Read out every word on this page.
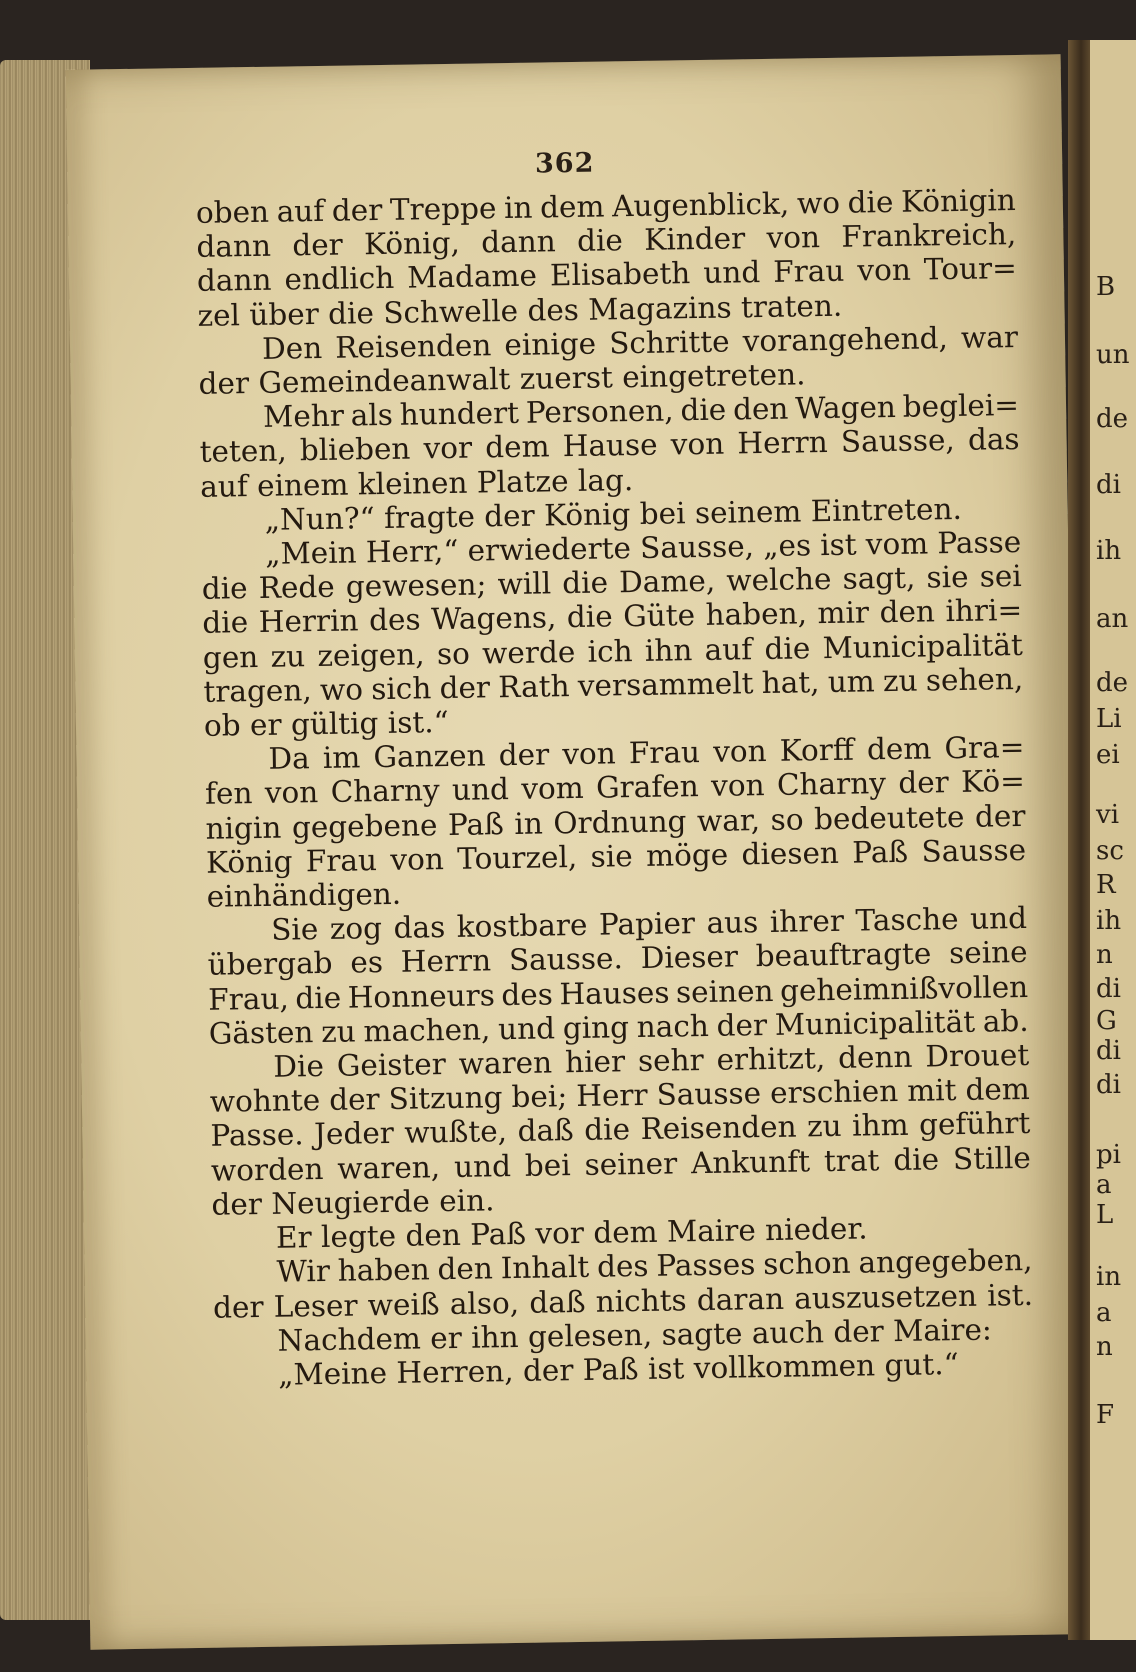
362
oben auf der Treppe in dem Augenblick, wo die Königin
dann der König, dann die Kinder von Frankreich,
dann endlich Madame Elisabeth und Frau von Tour=
zel über die Schwelle des Magazins traten.
Den Reisenden einige Schritte vorangehend, war
der Gemeindeanwalt zuerst eingetreten.
Mehr als hundert Personen, die den Wagen beglei=
teten, blieben vor dem Hause von Herrn Sausse, das
auf einem kleinen Platze lag.
„Nun?“ fragte der König bei seinem Eintreten.
„Mein Herr,“ erwiederte Sausse, „es ist vom Passe
die Rede gewesen; will die Dame, welche sagt, sie sei
die Herrin des Wagens, die Güte haben, mir den ihri=
gen zu zeigen, so werde ich ihn auf die Municipalität
tragen, wo sich der Rath versammelt hat, um zu sehen,
ob er gültig ist.“
Da im Ganzen der von Frau von Korff dem Gra=
fen von Charny und vom Grafen von Charny der Kö=
nigin gegebene Paß in Ordnung war, so bedeutete der
König Frau von Tourzel, sie möge diesen Paß Sausse
einhändigen.
Sie zog das kostbare Papier aus ihrer Tasche und
übergab es Herrn Sausse. Dieser beauftragte seine
Frau, die Honneurs des Hauses seinen geheimnißvollen
Gästen zu machen, und ging nach der Municipalität ab.
Die Geister waren hier sehr erhitzt, denn Drouet
wohnte der Sitzung bei; Herr Sausse erschien mit dem
Passe. Jeder wußte, daß die Reisenden zu ihm geführt
worden waren, und bei seiner Ankunft trat die Stille
der Neugierde ein.
Er legte den Paß vor dem Maire nieder.
Wir haben den Inhalt des Passes schon angegeben,
der Leser weiß also, daß nichts daran auszusetzen ist.
Nachdem er ihn gelesen, sagte auch der Maire:
„Meine Herren, der Paß ist vollkommen gut.“
B
un
de
di
ih
an
de
Li
ei
vi
sc
R
ih
n
di
G
di
di
pi
a
L
in
a
n
F
